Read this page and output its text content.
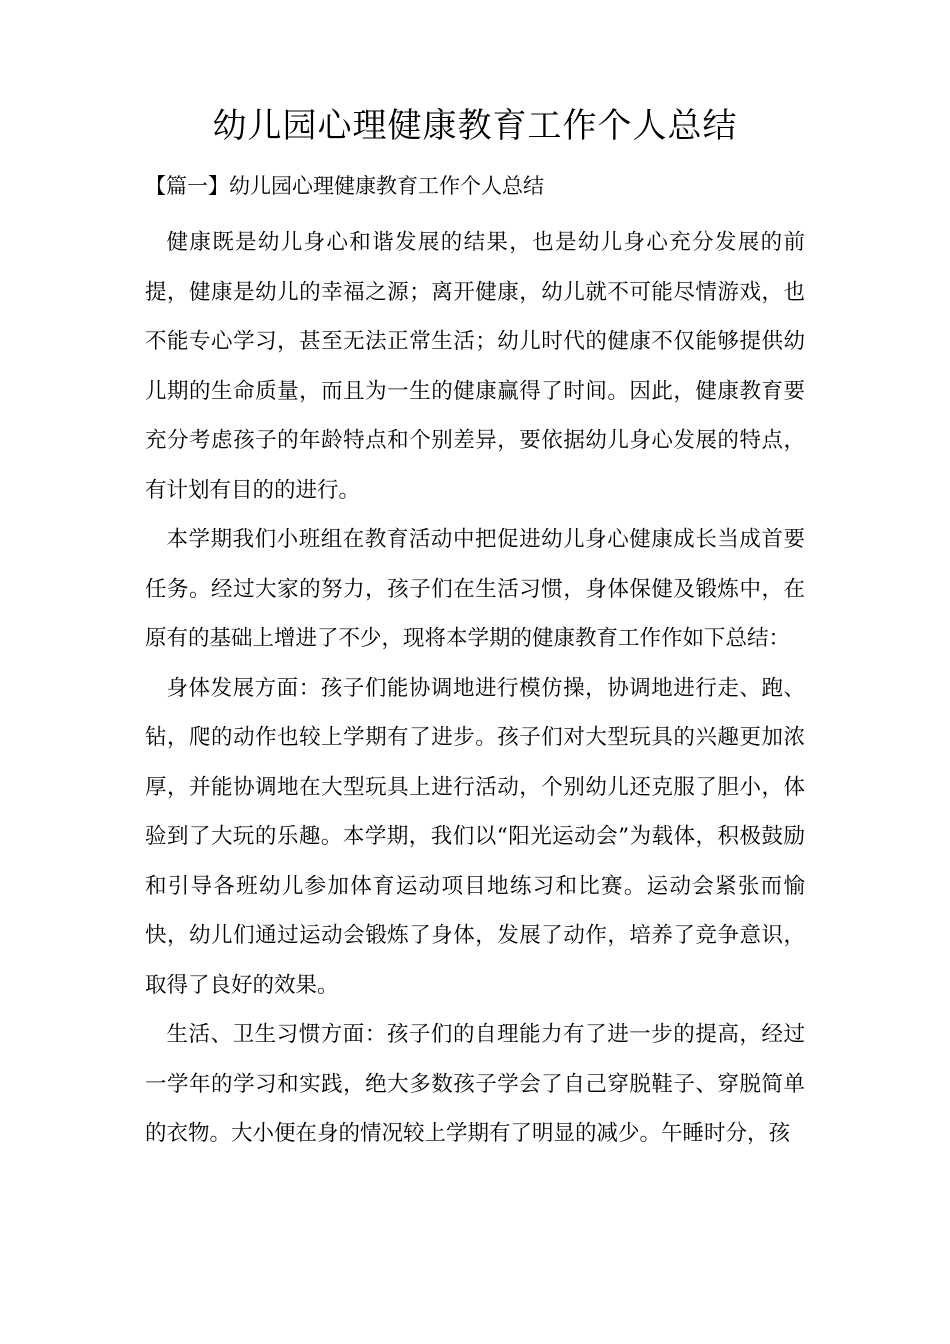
幼儿园心理健康教育工作个人总结
【篇一】幼儿园心理健康教育工作个人总结

健康既是幼儿身心和谐发展的结果，也是幼儿身心充分发展的前提，健康是幼儿的幸福之源；离开健康，幼儿就不可能尽情游戏，也不能专心学习，甚至无法正常生活；幼儿时代的健康不仅能够提供幼儿期的生命质量，而且为一生的健康赢得了时间。因此，健康教育要充分考虑孩子的年龄特点和个别差异，要依据幼儿身心发展的特点，有计划有目的的进行。

本学期我们小班组在教育活动中把促进幼儿身心健康成长当成首要任务。经过大家的努力，孩子们在生活习惯，身体保健及锻炼中，在原有的基础上增进了不少，现将本学期的健康教育工作作如下总结：

身体发展方面：孩子们能协调地进行模仿操，协调地进行走、跑、钻，爬的动作也较上学期有了进步。孩子们对大型玩具的兴趣更加浓厚，并能协调地在大型玩具上进行活动，个别幼儿还克服了胆小，体验到了大玩的乐趣。本学期，我们以“阳光运动会”为载体，积极鼓励和引导各班幼儿参加体育运动项目地练习和比赛。运动会紧张而愉快，幼儿们通过运动会锻炼了身体，发展了动作，培养了竞争意识，取得了良好的效果。

生活、卫生习惯方面：孩子们的自理能力有了进一步的提高，经过一学年的学习和实践，绝大多数孩子学会了自己穿脱鞋子、穿脱简单的衣物。大小便在身的情况较上学期有了明显的减少。午睡时分，孩
